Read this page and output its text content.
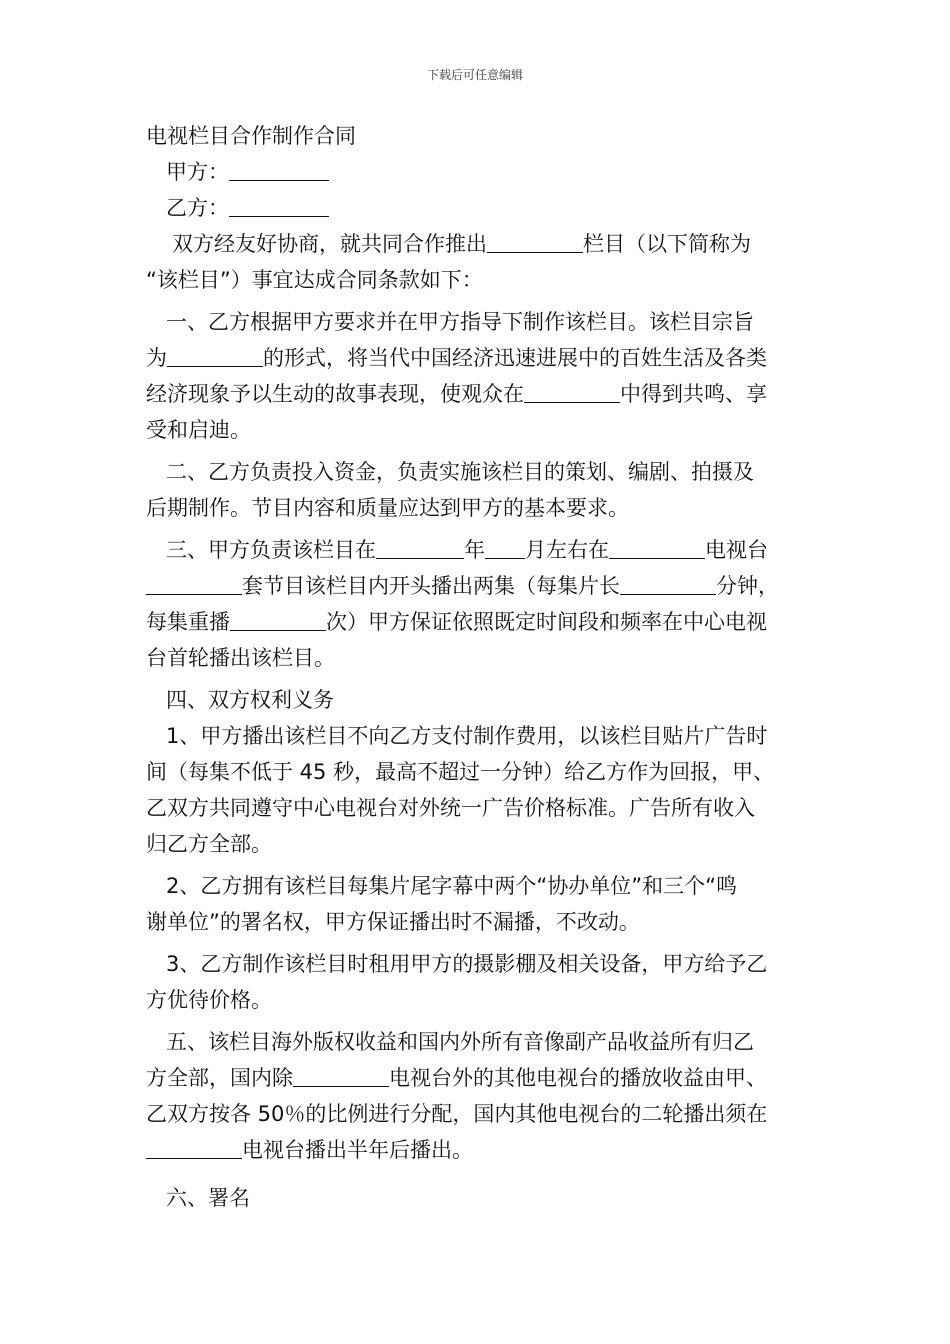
下载后可任意编辑

电视栏目合作制作合同

甲方：

乙方：

双方经友好协商，就共同合作推出	栏目（以下简称为

“该栏目”）事宜达成合同条款如下：

一、乙方根据甲方要求并在甲方指导下制作该栏目。该栏目宗旨

为	的形式，将当代中国经济迅速进展中的百姓生活及各类

经济现象予以生动的故事表现，使观众在	中得到共鸣、享

受和启迪。

二、乙方负责投入资金，负责实施该栏目的策划、编剧、拍摄及

后期制作。节目内容和质量应达到甲方的基本要求。

三、甲方负责该栏目在	年 月左右在	电视台

套节目该栏目内开头播出两集（每集片长	分钟，

每集重播	次）甲方保证依照既定时间段和频率在中心电视

台首轮播出该栏目。

四、双方权利义务

1、甲方播出该栏目不向乙方支付制作费用，以该栏目贴片广告时

间（每集不低于 45 秒，最高不超过一分钟）给乙方作为回报，甲、

乙双方共同遵守中心电视台对外统一广告价格标准。广告所有收入

归乙方全部。

2、乙方拥有该栏目每集片尾字幕中两个“协办单位”和三个“鸣

谢单位”的署名权，甲方保证播出时不漏播，不改动。

3、乙方制作该栏目时租用甲方的摄影棚及相关设备，甲方给予乙

方优待价格。

五、该栏目海外版权收益和国内外所有音像副产品收益所有归乙

方全部，国内除	电视台外的其他电视台的播放收益由甲、

乙双方按各 50％的比例进行分配，国内其他电视台的二轮播出须在

电视台播出半年后播出。

六、署名
